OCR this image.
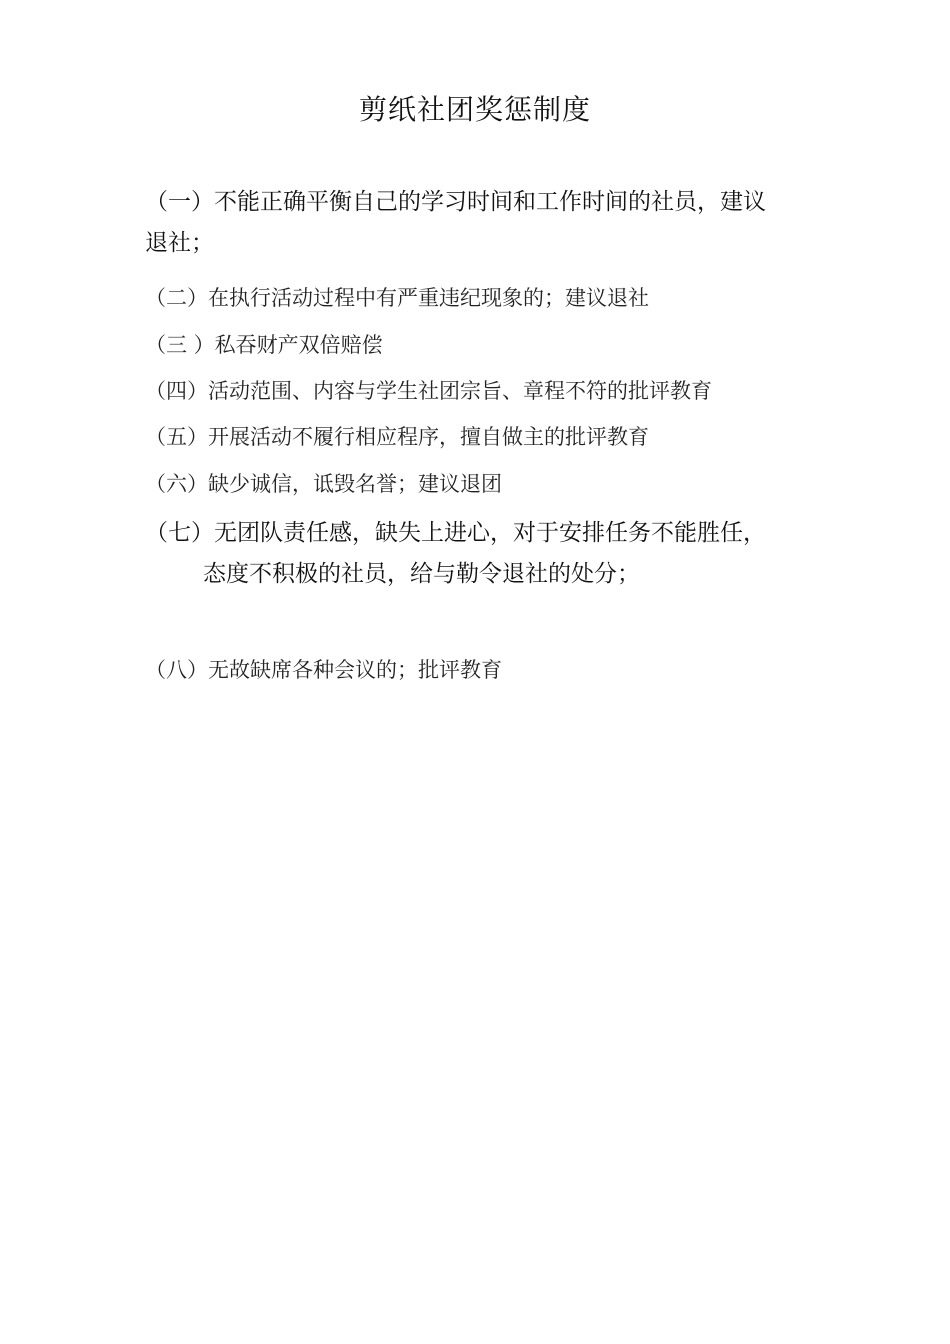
剪纸社团奖惩制度
（一）不能正确平衡自己的学习时间和工作时间的社员，建议
退社；
（二）在执行活动过程中有严重违纪现象的；建议退社
（三 ）私吞财产双倍赔偿
（四）活动范围、内容与学生社团宗旨、章程不符的批评教育
（五）开展活动不履行相应程序，擅自做主的批评教育
（六）缺少诚信，诋毁名誉；建议退团
（七）无团队责任感，缺失上进心，对于安排任务不能胜任，
态度不积极的社员，给与勒令退社的处分；
（八）无故缺席各种会议的；批评教育
